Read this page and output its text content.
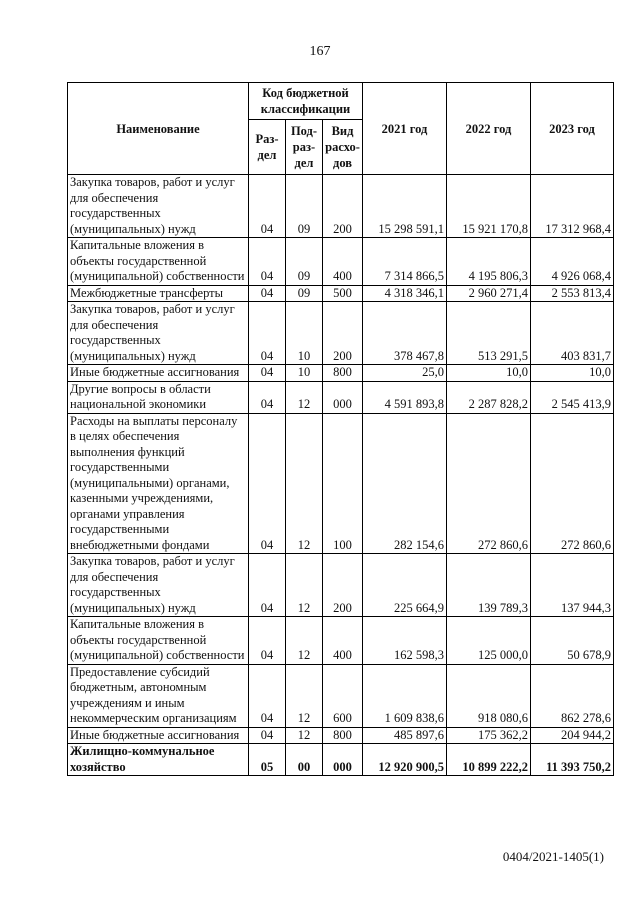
167
Наименование	Код бюджетной классификации			2021 год	2022 год	2023 год
	Раз-дел	Под-раз-дел	Вид расхо-дов			
Закупка товаров, работ и услуг для обеспечения государственных (муниципальных) нужд	04	09	200	15 298 591,1	15 921 170,8	17 312 968,4
Капитальные вложения в объекты государственной (муниципальной) собственности	04	09	400	7 314 866,5	4 195 806,3	4 926 068,4
Межбюджетные трансферты	04	09	500	4 318 346,1	2 960 271,4	2 553 813,4
Закупка товаров, работ и услуг для обеспечения государственных (муниципальных) нужд	04	10	200	378 467,8	513 291,5	403 831,7
Иные бюджетные ассигнования	04	10	800	25,0	10,0	10,0
Другие вопросы в области национальной экономики	04	12	000	4 591 893,8	2 287 828,2	2 545 413,9
Расходы на выплаты персоналу в целях обеспечения выполнения функций государственными (муниципальными) органами, казенными учреждениями, органами управления государственными внебюджетными фондами	04	12	100	282 154,6	272 860,6	272 860,6
Закупка товаров, работ и услуг для обеспечения государственных (муниципальных) нужд	04	12	200	225 664,9	139 789,3	137 944,3
Капитальные вложения в объекты государственной (муниципальной) собственности	04	12	400	162 598,3	125 000,0	50 678,9
Предоставление субсидий бюджетным, автономным учреждениям и иным некоммерческим организациям	04	12	600	1 609 838,6	918 080,6	862 278,6
Иные бюджетные ассигнования	04	12	800	485 897,6	175 362,2	204 944,2
Жилищно-коммунальное хозяйство	05	00	000	12 920 900,5	10 899 222,2	11 393 750,2
0404/2021-1405(1)
